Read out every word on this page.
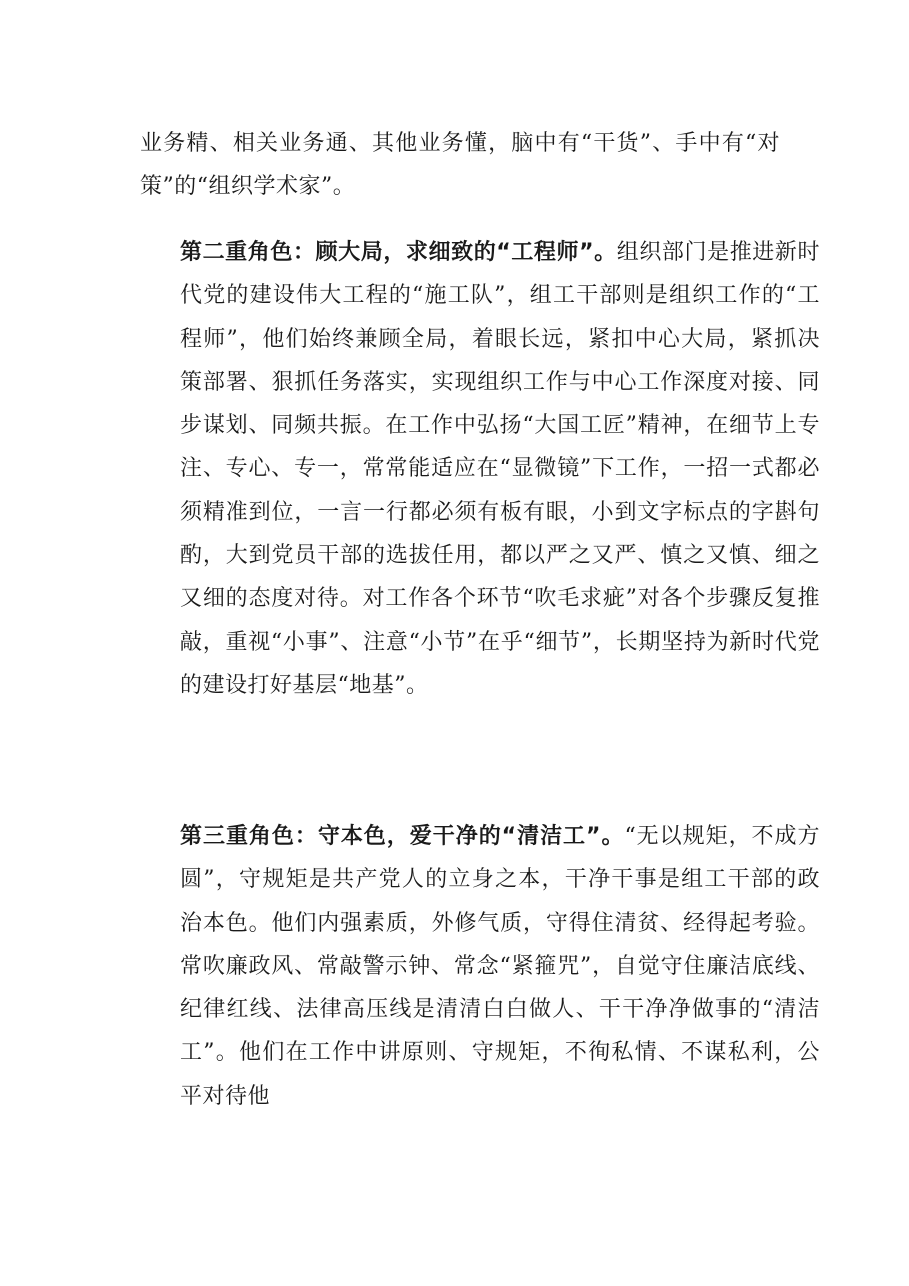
业务精、相关业务通、其他业务懂，脑中有“干货”、手中有“对策”的“组织学术家”。
第二重角色：顾大局，求细致的“工程师”。组织部门是推进新时代党的建设伟大工程的“施工队”，组工干部则是组织工作的“工程师”，他们始终兼顾全局，着眼长远，紧扣中心大局，紧抓决策部署、狠抓任务落实，实现组织工作与中心工作深度对接、同步谋划、同频共振。在工作中弘扬“大国工匠”精神，在细节上专注、专心、专一，常常能适应在“显微镜”下工作，一招一式都必须精准到位，一言一行都必须有板有眼，小到文字标点的字斟句酌，大到党员干部的选拔任用，都以严之又严、慎之又慎、细之又细的态度对待。对工作各个环节“吹毛求疵”对各个步骤反复推敲，重视“小事”、注意“小节”在乎“细节”，长期坚持为新时代党的建设打好基层“地基”。
第三重角色：守本色，爱干净的“清洁工”。“无以规矩，不成方圆”，守规矩是共产党人的立身之本，干净干事是组工干部的政治本色。他们内强素质，外修气质，守得住清贫、经得起考验。常吹廉政风、常敲警示钟、常念“紧箍咒”，自觉守住廉洁底线、纪律红线、法律高压线是清清白白做人、干干净净做事的“清洁工”。他们在工作中讲原则、守规矩，不徇私情、不谋私利，公平对待他
